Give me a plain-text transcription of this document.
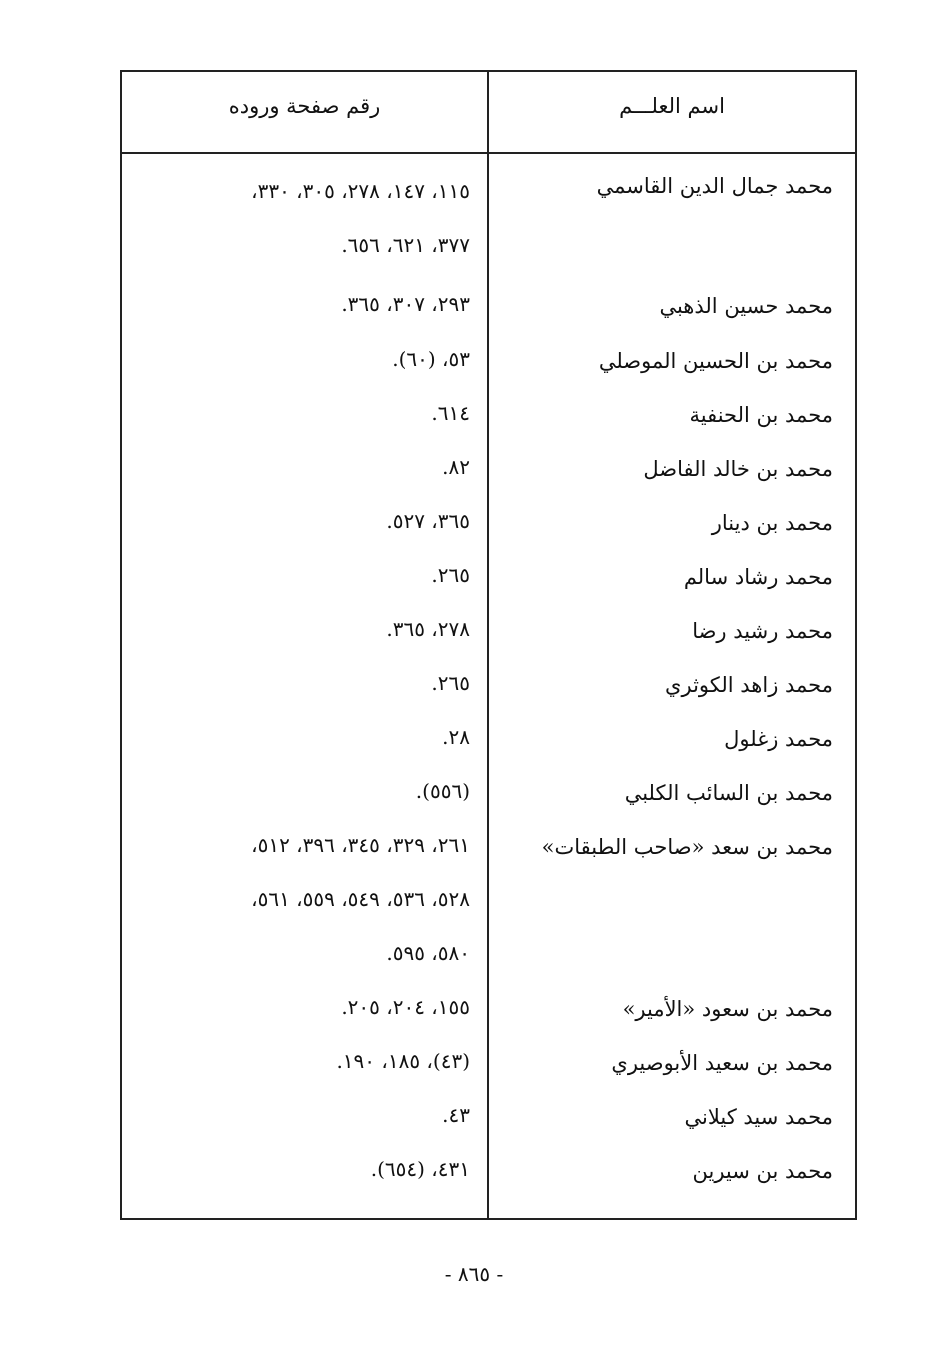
اسم العلـــم
رقم صفحة وروده
محمد جمال الدين القاسمي
١١٥، ١٤٧، ٢٧٨، ٣٠٥، ٣٣٠،
٣٧٧، ٦٢١، ٦٥٦.
محمد حسين الذهبي
٢٩٣، ٣٠٧، ٣٦٥.
محمد بن الحسين الموصلي
٥٣، (٦٠).
محمد بن الحنفية
٦١٤.
محمد بن خالد الفاضل
٨٢.
محمد بن دينار
٣٦٥، ٥٢٧.
محمد رشاد سالم
٢٦٥.
محمد رشيد رضا
٢٧٨، ٣٦٥.
محمد زاهد الكوثري
٢٦٥.
محمد زغلول
٢٨.
محمد بن السائب الكلبي
(٥٥٦).
محمد بن سعد «صاحب الطبقات»
٢٦١، ٣٢٩، ٣٤٥، ٣٩٦، ٥١٢،
٥٢٨، ٥٣٦، ٥٤٩، ٥٥٩، ٥٦١،
٥٨٠، ٥٩٥.
محمد بن سعود «الأمير»
١٥٥، ٢٠٤، ٢٠٥.
محمد بن سعيد الأبوصيري
(٤٣)، ١٨٥، ١٩٠.
محمد سيد كيلاني
٤٣.
محمد بن سيرين
٤٣١، (٦٥٤).
- ٨٦٥ -
